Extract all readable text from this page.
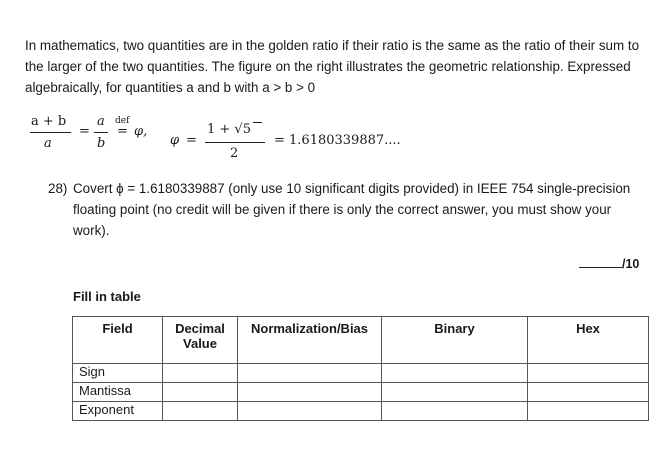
In mathematics, two quantities are in the golden ratio if their ratio is the same as the ratio of their sum to the larger of the two quantities. The figure on the right illustrates the geometric relationship. Expressed algebraically, for quantities a and b with a > b > 0

a + b
a
=
a
b
def
= φ,
φ =
1 + √5
2
= 1.6180339887....
28) Covert ϕ = 1.6180339887 (only use 10 significant digits provided) in IEEE 754 single-precision floating point (no credit will be given if there is only the correct answer, you must show your work).
/10
Fill in table
Field	Decimal Value	Normalization/Bias	Binary	Hex
Sign				
Mantissa				
Exponent				
